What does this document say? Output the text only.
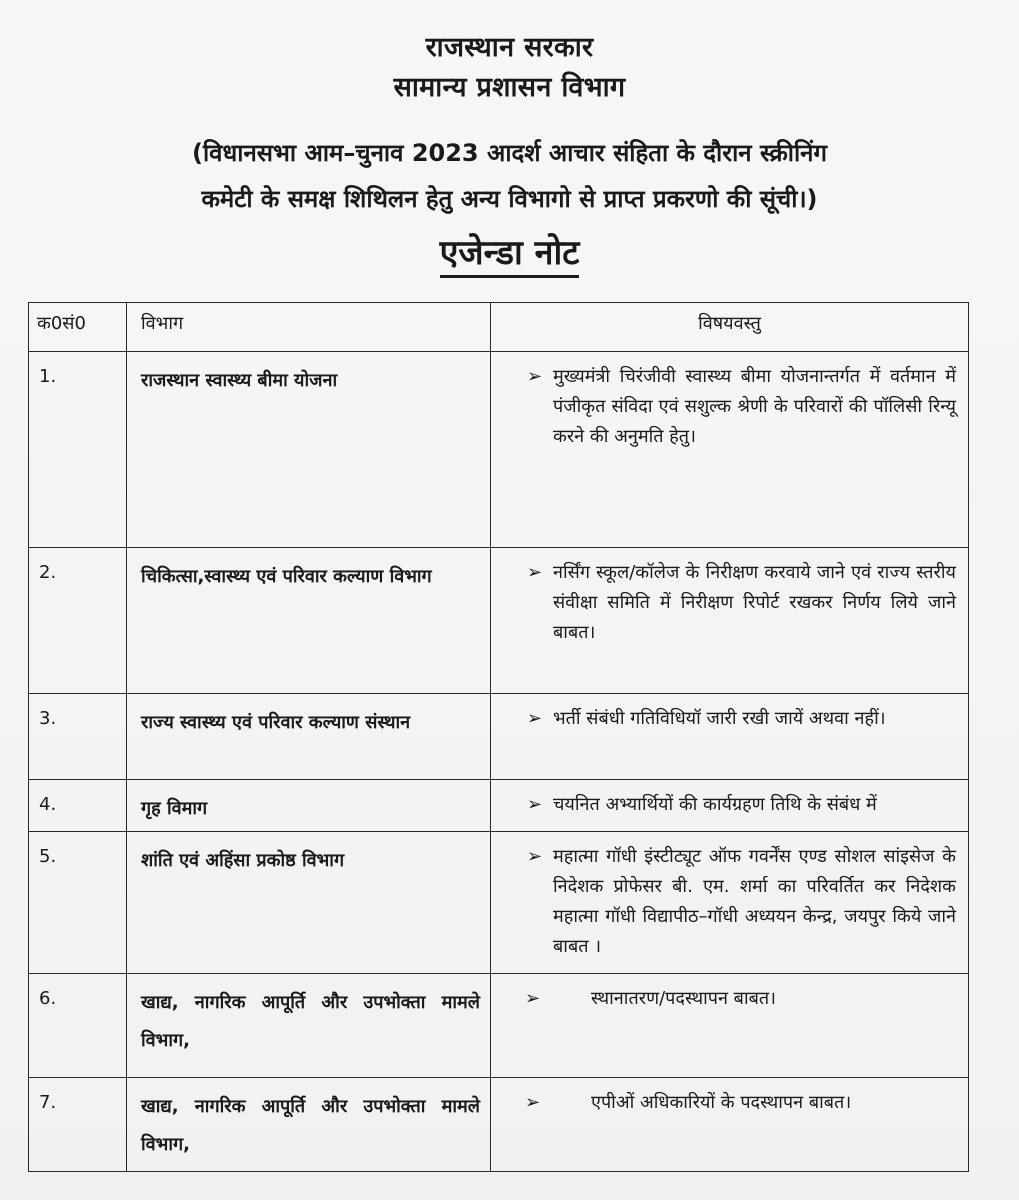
राजस्थान सरकार
सामान्य प्रशासन विभाग
(विधानसभा आम–चुनाव 2023 आदर्श आचार संहिता के दौरान स्क्रीनिंग
कमेटी के समक्ष शिथिलन हेतु अन्य विभागो से प्राप्त प्रकरणो की सूंची।)
एजेन्डा नोट
क0सं0	विभाग	विषयवस्तु
1.	राजस्थान स्वास्थ्य बीमा योजना	➢ मुख्यमंत्री चिरंजीवी स्वास्थ्य बीमा योजनान्तर्गत में वर्तमान में पंजीकृत संविदा एवं सशुल्क श्रेणी के परिवारों की पॉलिसी रिन्यू करने की अनुमति हेतु।

2.	चिकित्सा,स्वास्थ्य एवं परिवार कल्याण विभाग	➢ नर्सिंग स्कूल/कॉलेज के निरीक्षण करवाये जाने एवं राज्य स्तरीय संवीक्षा समिति में निरीक्षण रिपोर्ट रखकर निर्णय लिये जाने बाबत।

3.	राज्य स्वास्थ्य एवं परिवार कल्याण संस्थान	➢ भर्ती संबंधी गतिविधियॉ जारी रखी जायें अथवा नहीं।

4.	गृह विमाग	➢ चयनित अभ्यार्थियों की कार्यग्रहण तिथि के संबंध में

5.	शांति एवं अहिंसा प्रकोष्ठ विभाग	➢ महात्मा गॉधी इंस्टीट्यूट ऑफ गवर्नेंस एण्ड सोशल सांइसेज के निदेशक प्रोफेसर बी. एम. शर्मा का परिवर्तित कर निदेशक महात्मा गॉधी विद्यापीठ–गॉधी अध्ययन केन्द्र, जयपुर किये जाने बाबत ।

6.	खाद्य, नागरिक आपूर्ति और उपभोक्ता मामले विभाग,	➢ स्थानातरण/पदस्थापन बाबत।

7.	खाद्य, नागरिक आपूर्ति और उपभोक्ता मामले विभाग,	➢ एपीओं अधिकारियों के पदस्थापन बाबत।
